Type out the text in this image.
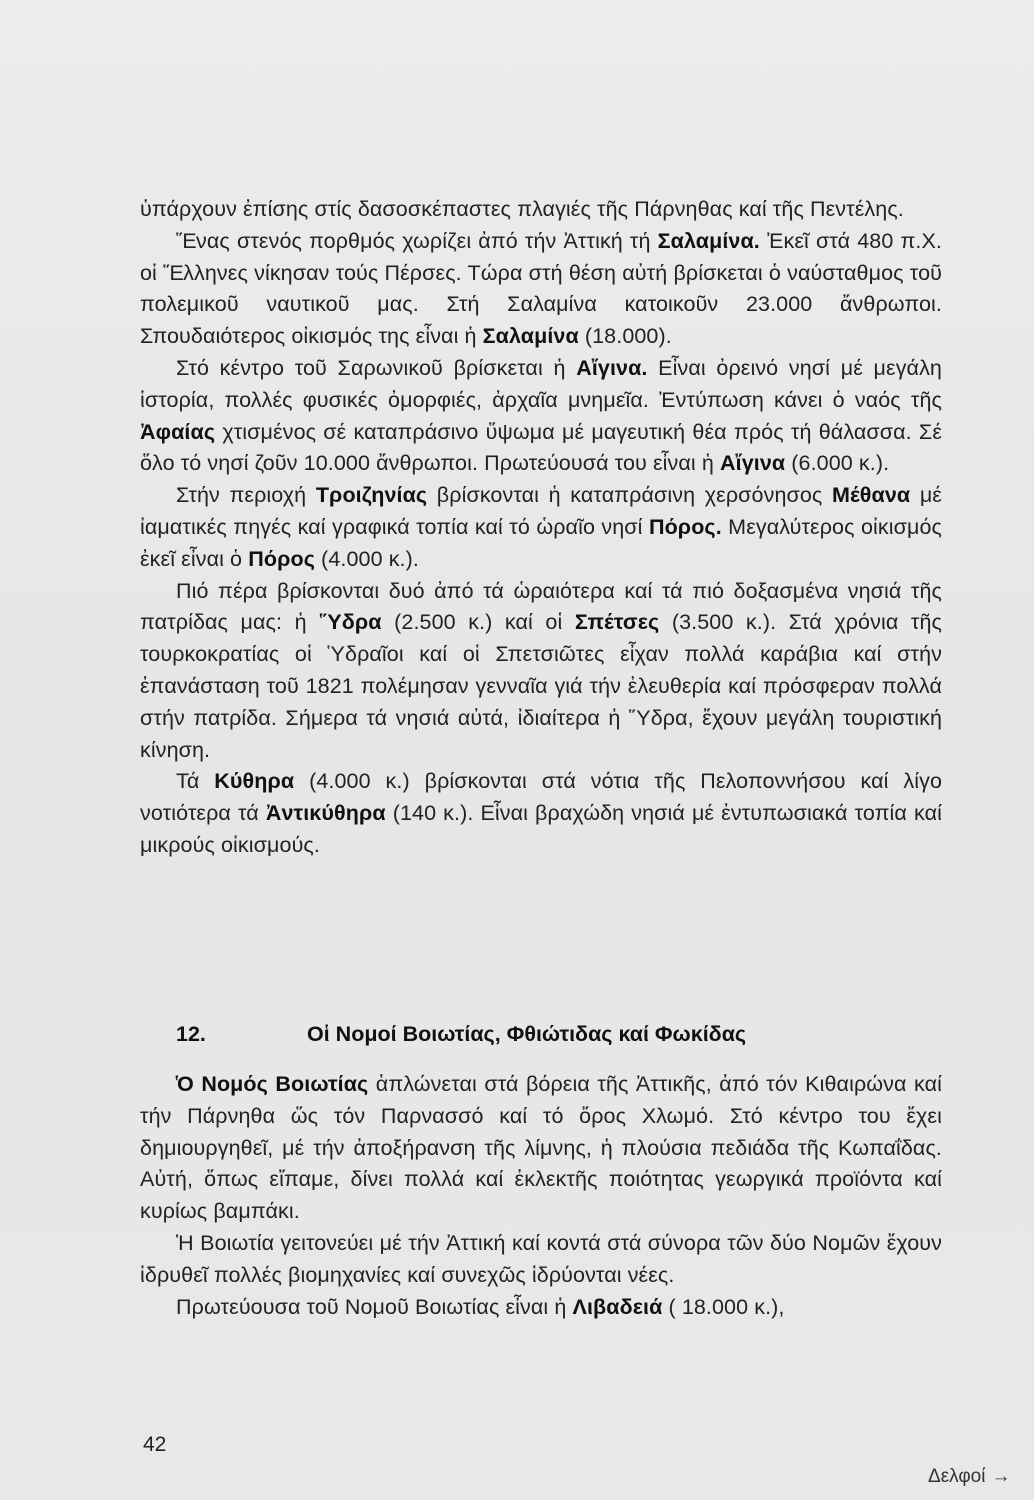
ὑπάρχουν ἐπίσης στίς δασοσκέπαστες πλαγιές τῆς Πάρνηθας καί τῆς Πεντέλης.

Ἕνας στενός πορθμός χωρίζει ἀπό τήν Ἀττική τή Σαλαμίνα. Ἐκεῖ στά 480 π.Χ. οἱ Ἕλληνες νίκησαν τούς Πέρσες. Τώρα στή θέση αὐτή βρίσκεται ὁ ναύσταθμος τοῦ πολεμικοῦ ναυτικοῦ μας. Στή Σαλαμίνα κατοικοῦν 23.000 ἄνθρωποι. Σπουδαιότερος οἰκισμός της εἶναι ἡ Σαλαμίνα (18.000).

Στό κέντρο τοῦ Σαρωνικοῦ βρίσκεται ἡ Αἴγινα. Εἶναι ὀρεινό νησί μέ μεγάλη ἱστορία, πολλές φυσικές ὀμορφιές, ἀρχαῖα μνημεῖα. Ἐντύπωση κάνει ὁ ναός τῆς Ἀφαίας χτισμένος σέ καταπράσινο ὕψωμα μέ μαγευτική θέα πρός τή θάλασσα. Σέ ὅλο τό νησί ζοῦν 10.000 ἄνθρωποι. Πρωτεύουσά του εἶναι ἡ Αἴγινα (6.000 κ.).

Στήν περιοχή Τροιζηνίας βρίσκονται ἡ καταπράσινη χερσόνησος Μέθανα μέ ἰαματικές πηγές καί γραφικά τοπία καί τό ὡραῖο νησί Πόρος. Μεγαλύτερος οἰκισμός ἐκεῖ εἶναι ὁ Πόρος (4.000 κ.).

Πιό πέρα βρίσκονται δυό ἀπό τά ὡραιότερα καί τά πιό δοξασμένα νησιά τῆς πατρίδας μας: ἡ Ὕδρα (2.500 κ.) καί οἱ Σπέτσες (3.500 κ.). Στά χρόνια τῆς τουρκοκρατίας οἱ Ὑδραῖοι καί οἱ Σπετσιῶτες εἶχαν πολλά καράβια καί στήν ἐπανάσταση τοῦ 1821 πολέμησαν γενναῖα γιά τήν ἐλευθερία καί πρόσφεραν πολλά στήν πατρίδα. Σήμερα τά νησιά αὐτά, ἰδιαίτερα ἡ Ὕδρα, ἔχουν μεγάλη τουριστική κίνηση.

Τά Κύθηρα (4.000 κ.) βρίσκονται στά νότια τῆς Πελοποννήσου καί λίγο νοτιότερα τά Ἀντικύθηρα (140 κ.). Εἶναι βραχώδη νησιά μέ ἐντυπωσιακά τοπία καί μικρούς οἰκισμούς.

12.	Οἱ Νομοί Βοιωτίας, Φθιώτιδας καί Φωκίδας

Ὁ Νομός Βοιωτίας ἁπλώνεται στά βόρεια τῆς Ἀττικῆς, ἀπό τόν Κιθαιρώνα καί τήν Πάρνηθα ὥς τόν Παρνασσό καί τό ὄρος Χλωμό. Στό κέντρο του ἔχει δημιουργηθεῖ, μέ τήν ἀποξήρανση τῆς λίμνης, ἡ πλούσια πεδιάδα τῆς Κωπαΐδας. Αὐτή, ὅπως εἴπαμε, δίνει πολλά καί ἐκλεκτῆς ποιότητας γεωργικά προϊόντα καί κυρίως βαμπάκι.

Ἡ Βοιωτία γειτονεύει μέ τήν Ἀττική καί κοντά στά σύνορα τῶν δύο Νομῶν ἔχουν ἱδρυθεῖ πολλές βιομηχανίες καί συνεχῶς ἱδρύονται νέες.

Πρωτεύουσα τοῦ Νομοῦ Βοιωτίας εἶναι ἡ Λιβαδειά ( 18.000 κ.),

42
Δελφοί →
